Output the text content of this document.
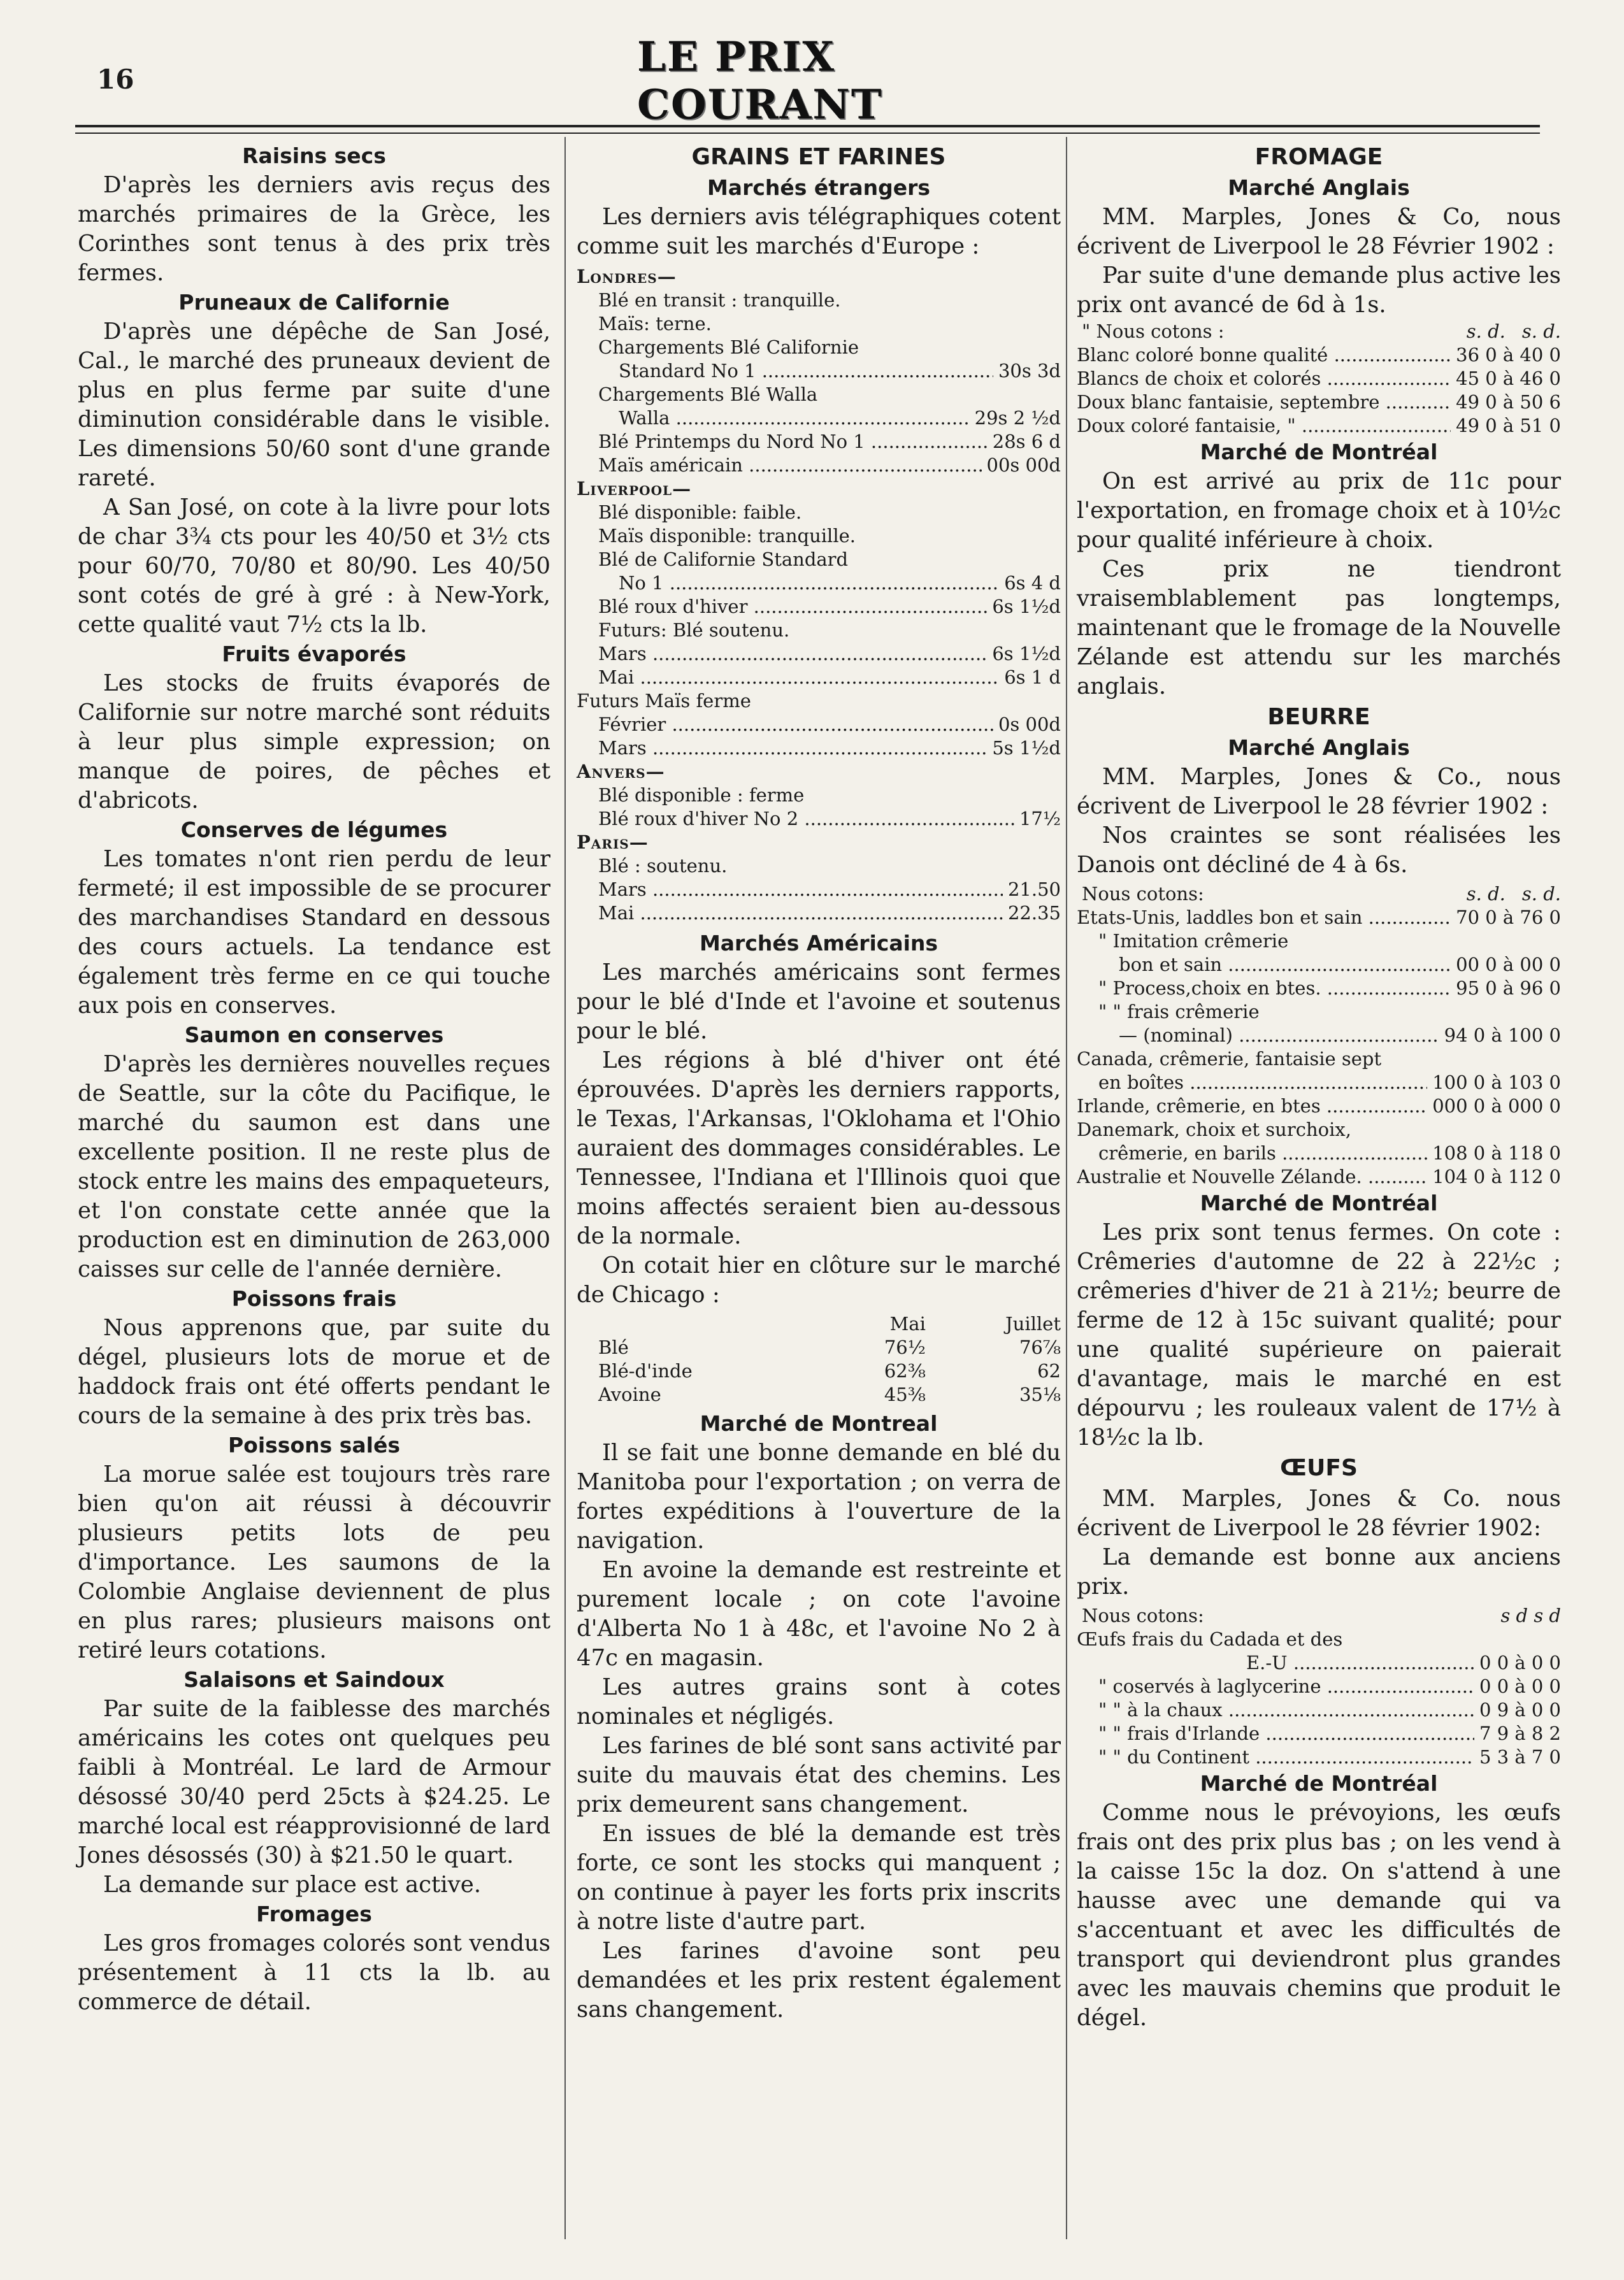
16	LE PRIX COURANT
Raisins secs

D'après les derniers avis reçus des marchés primaires de la Grèce, les Corinthes sont tenus à des prix très fermes.

Pruneaux de Californie

D'après une dépêche de San José, Cal., le marché des pruneaux devient de plus en plus ferme par suite d'une diminution considérable dans le visible. Les dimensions 50/60 sont d'une grande rareté.

A San José, on cote à la livre pour lots de char 3¾ cts pour les 40/50 et 3½ cts pour 60/70, 70/80 et 80/90. Les 40/50 sont cotés de gré à gré : à New-York, cette qualité vaut 7½ cts la lb.

Fruits évaporés

Les stocks de fruits évaporés de Californie sur notre marché sont réduits à leur plus simple expression; on manque de poires, de pêches et d'abricots.

Conserves de légumes

Les tomates n'ont rien perdu de leur fermeté; il est impossible de se procurer des marchandises Standard en dessous des cours actuels. La tendance est également très ferme en ce qui touche aux pois en conserves.

Saumon en conserves

D'après les dernières nouvelles reçues de Seattle, sur la côte du Pacifique, le marché du saumon est dans une excellente position. Il ne reste plus de stock entre les mains des empaqueteurs, et l'on constate cette année que la production est en diminution de 263,000 caisses sur celle de l'année dernière.

Poissons frais

Nous apprenons que, par suite du dégel, plusieurs lots de morue et de haddock frais ont été offerts pendant le cours de la semaine à des prix très bas.

Poissons salés

La morue salée est toujours très rare bien qu'on ait réussi à découvrir plusieurs petits lots de peu d'importance. Les saumons de la Colombie Anglaise deviennent de plus en plus rares; plusieurs maisons ont retiré leurs cotations.

Salaisons et Saindoux

Par suite de la faiblesse des marchés américains les cotes ont quelques peu faibli à Montréal. Le lard de Armour désossé 30/40 perd 25cts à $24.25. Le marché local est réapprovisionné de lard Jones désossés (30) à $21.50 le quart.

La demande sur place est active.

Fromages

Les gros fromages colorés sont vendus présentement à 11 cts la lb. au commerce de détail.

GRAINS ET FARINES
Marchés étrangers

Les derniers avis télégraphiques cotent comme suit les marchés d'Europe :

Londres—
Blé en transit : tranquille.
Maïs: terne.
Chargements Blé Californie
Standard No 1 .....	30s 3d
Chargements Blé Walla
Walla .....	29s 2 ½d
Blé Printemps du Nord No 1 .....	28s 6 d
Maïs américain .....	00s 00d
Liverpool—
Blé disponible: faible.
Maïs disponible: tranquille.
Blé de Californie Standard
No 1 .....	6s 4 d
Blé roux d'hiver .....	6s 1½d
Futurs: Blé soutenu.
Mars .....	6s 1½d
Mai .....	6s 1 d
Futurs Maïs ferme
Février .....	0s 00d
Mars .....	5s 1½d
Anvers—
Blé disponible : ferme
Blé roux d'hiver No 2 .....	17½
Paris—
Blé : soutenu.
Mars .....	21.50
Mai .....	22.35
Marchés Américains

Les marchés américains sont fermes pour le blé d'Inde et l'avoine et soutenus pour le blé.

Les régions à blé d'hiver ont été éprouvées. D'après les derniers rapports, le Texas, l'Arkansas, l'Oklohama et l'Ohio auraient des dommages considérables. Le Tennessee, l'Indiana et l'Illinois quoi que moins affectés seraient bien au-dessous de la normale.

On cotait hier en clôture sur le marché de Chicago :

	Mai	Juillet
Blé	76½	76⅞
Blé-d'inde	62⅜	62
Avoine	45⅜	35⅛
Marché de Montreal

Il se fait une bonne demande en blé du Manitoba pour l'exportation ; on verra de fortes expéditions à l'ouverture de la navigation.

En avoine la demande est restreinte et purement locale ; on cote l'avoine d'Alberta No 1 à 48c, et l'avoine No 2 à 47c en magasin.

Les autres grains sont à cotes nominales et négligés.

Les farines de blé sont sans activité par suite du mauvais état des chemins. Les prix demeurent sans changement.

En issues de blé la demande est très forte, ce sont les stocks qui manquent ; on continue à payer les forts prix inscrits à notre liste d'autre part.

Les farines d'avoine sont peu demandées et les prix restent également sans changement.

FROMAGE
Marché Anglais

MM. Marples, Jones & Co, nous écrivent de Liverpool le 28 Février 1902 :

Par suite d'une demande plus active les prix ont avancé de 6d à 1s.

" Nous cotons :	s. d. s. d.
Blanc coloré bonne qualité .....	36 0 à 40 0
Blancs de choix et colorés .....	45 0 à 46 0
Doux blanc fantaisie, septembre .....	49 0 à 50 6
Doux coloré fantaisie, " .....	49 0 à 51 0
Marché de Montréal

On est arrivé au prix de 11c pour l'exportation, en fromage choix et à 10½c pour qualité inférieure à choix.

Ces prix ne tiendront vraisemblablement pas longtemps, maintenant que le fromage de la Nouvelle Zélande est attendu sur les marchés anglais.

BEURRE
Marché Anglais

MM. Marples, Jones & Co., nous écrivent de Liverpool le 28 février 1902 :

Nos craintes se sont réalisées les Danois ont décliné de 4 à 6s.

Nous cotons:	s. d. s. d.
Etats-Unis, laddles bon et sain .....	70 0 à 76 0
" Imitation crêmerie
bon et sain .....	00 0 à 00 0
" Process,choix en btes. .....	95 0 à 96 0
" " frais crêmerie
— (nominal) .....	94 0 à 100 0
Canada, crêmerie, fantaisie sept
en boîtes .....	100 0 à 103 0
Irlande, crêmerie, en btes .....	000 0 à 000 0
Danemark, choix et surchoix,
crêmerie, en barils .....	108 0 à 118 0
Australie et Nouvelle Zélande. .....	104 0 à 112 0
Marché de Montréal

Les prix sont tenus fermes. On cote : Crêmeries d'automne de 22 à 22½c ; crêmeries d'hiver de 21 à 21½; beurre de ferme de 12 à 15c suivant qualité; pour une qualité supérieure on paierait d'avantage, mais le marché en est dépourvu ; les rouleaux valent de 17½ à 18½c la lb.

ŒUFS

MM. Marples, Jones & Co. nous écrivent de Liverpool le 28 février 1902:

La demande est bonne aux anciens prix.

Nous cotons:	s d s d
Œufs frais du Cadada et des
E.-U .....	0 0 à 0 0
" coservés à laglycerine .....	0 0 à 0 0
" " à la chaux .....	0 9 à 0 0
" " frais d'Irlande .....	7 9 à 8 2
" " du Continent .....	5 3 à 7 0
Marché de Montréal

Comme nous le prévoyions, les œufs frais ont des prix plus bas ; on les vend à la caisse 15c la doz. On s'attend à une hausse avec une demande qui va s'accentuant et avec les difficultés de transport qui deviendront plus grandes avec les mauvais chemins que produit le dégel.
